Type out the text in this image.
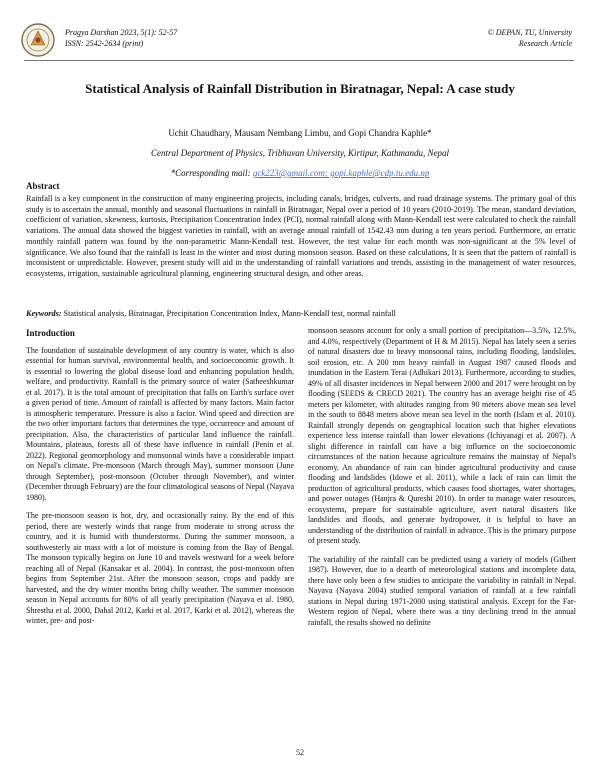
Pragya Darshan 2023, 5(1): 52-57
ISSN: 2542-2634 (print)
© DEPAN, TU, University
Research Article
Statistical Analysis of Rainfall Distribution in Biratnagar, Nepal: A case study
Uchit Chaudhary, Mausam Nembang Limbu, and Gopi Chandra Kaphle*
Central Department of Physics, Tribhuvan University, Kirtipur, Kathmandu, Nepal
*Corresponding mail: gck223@gmail.com; gopi.kaphle@cdp.tu.edu.np
Abstract
Rainfall is a key component in the construction of many engineering projects, including canals, bridges, culverts, and road drainage systems. The primary goal of this study is to ascertain the annual, monthly and seasonal fluctuations in rainfall in Biratnagar, Nepal over a period of 10 years (2010-2019). The mean, standard deviation, coefficient of variation, skewness, kurtosis, Precipitation Concentration Index (PCI), normal rainfall along with Mann-Kendall test were calculated to check the rainfall variations. The annual data showed the biggest varieties in rainfall, with an average annual rainfall of 1542.43 mm during a ten years period. Furthermore, an erratic monthly rainfall pattern was found by the non-parametric Mann-Kendall test. However, the test value for each month was non-significant at the 5% level of significance. We also found that the rainfall is least in the winter and most during monsoon season. Based on these calculations, It is seen that the pattern of rainfall is inconsistent or unpredictable. However, present study will aid in the understanding of rainfall variations and trends, assisting in the management of water resources, ecosystems, irrigation, sustainable agricultural planning, engineering structural design, and other areas.
Keywords: Statistical analysis, Biratnagar, Precipitation Concentration Index, Mann-Kendall test, normal rainfall
Introduction

The foundation of sustainable development of any country is water, which is also essential for human survival, environmental health, and socioeconomic growth. It is essential to lowering the global disease load and enhancing population health, welfare, and productivity. Rainfall is the primary source of water (Satheeshkumar et al. 2017). It is the total amount of precipitation that falls on Earth's surface over a given period of time. Amount of rainfall is affected by many factors. Main factor is atmospheric temperature. Pressure is also a factor. Wind speed and direction are the two other important factors that determines the type, occurrence and amount of precipitation. Also, the characteristics of particular land influence the rainfall. Mountains, plateaus, forests all of these have influence in rainfall (Penin et al. 2022). Regional geomorphology and monsoonal winds have a considerable impact on Nepal's climate. Pre-monsoon (March through May), summer monsoon (June through September), post-monsoon (October through November), and winter (December through February) are the four climatological seasons of Nepal (Nayava 1980).

The pre-monsoon season is hot, dry, and occasionally rainy. By the end of this period, there are westerly winds that range from moderate to strong across the country, and it is humid with thunderstorms. During the summer monsoon, a southwesterly air mass with a lot of moisture is coming from the Bay of Bengal. The monsoon typically begins on June 10 and travels westward for a week before reaching all of Nepal (Kansakar et al. 2004). In contrast, the post-monsoon often begins from September 21st. After the monsoon season, crops and paddy are harvested, and the dry winter months bring chilly weather. The summer monsoon season in Nepal accounts for 80% of all yearly precipitation (Nayava et al. 1980, Shrestha et al. 2000, Dahal 2012, Karki et al. 2017, Karki et al. 2012), whereas the winter, pre- and post-

monsoon seasons account for only a small portion of precipitation—3.5%, 12.5%, and 4.0%, respectively (Department of H & M 2015). Nepal has lately seen a series of natural disasters due to heavy monsoonal rains, including flooding, landslides, soil erosion, etc. A 200 mm heavy rainfall in August 1987 caused floods and inundation in the Eastern Terai (Adhikari 2013). Furthermore, according to studies, 49% of all disaster incidences in Nepal between 2000 and 2017 were brought on by flooding (SEEDS & CRECD 2021). The country has an average height rise of 45 meters per kilometer, with altitudes ranging from 90 meters above mean sea level in the south to 8848 meters above mean sea level in the north (Islam et al. 2010). Rainfall strongly depends on geographical location such that higher elevations experience less intense rainfall than lower elevations (Ichiyanagi et al. 2007). A slight difference in rainfall can have a big influence on the socioeconomic circumstances of the nation because agriculture remains the mainstay of Nepal's economy. An abundance of rain can hinder agricultural productivity and cause flooding and landslides (Idowe et al. 2011), while a lack of rain can limit the production of agricultural products, which causes food shortages, water shortages, and power outages (Hanjra & Qureshi 2010). In order to manage water resources, ecosystems, prepare for sustainable agriculture, avert natural disasters like landslides and floods, and generate hydropower, it is helpful to have an understanding of the distribution of rainfall in advance. This is the primary purpose of present study.

The variability of the rainfall can be predicted using a variety of models (Gilbert 1987). However, due to a dearth of meteorological stations and incomplete data, there have only been a few studies to anticipate the variability in rainfall in Nepal. Nayava (Nayava 2004) studied temporal variation of rainfall at a few rainfall stations in Nepal during 1971-2000 using statistical analysis. Except for the Far-Western region of Nepal, where there was a tiny declining trend in the annual rainfall, the results showed no definite

52
